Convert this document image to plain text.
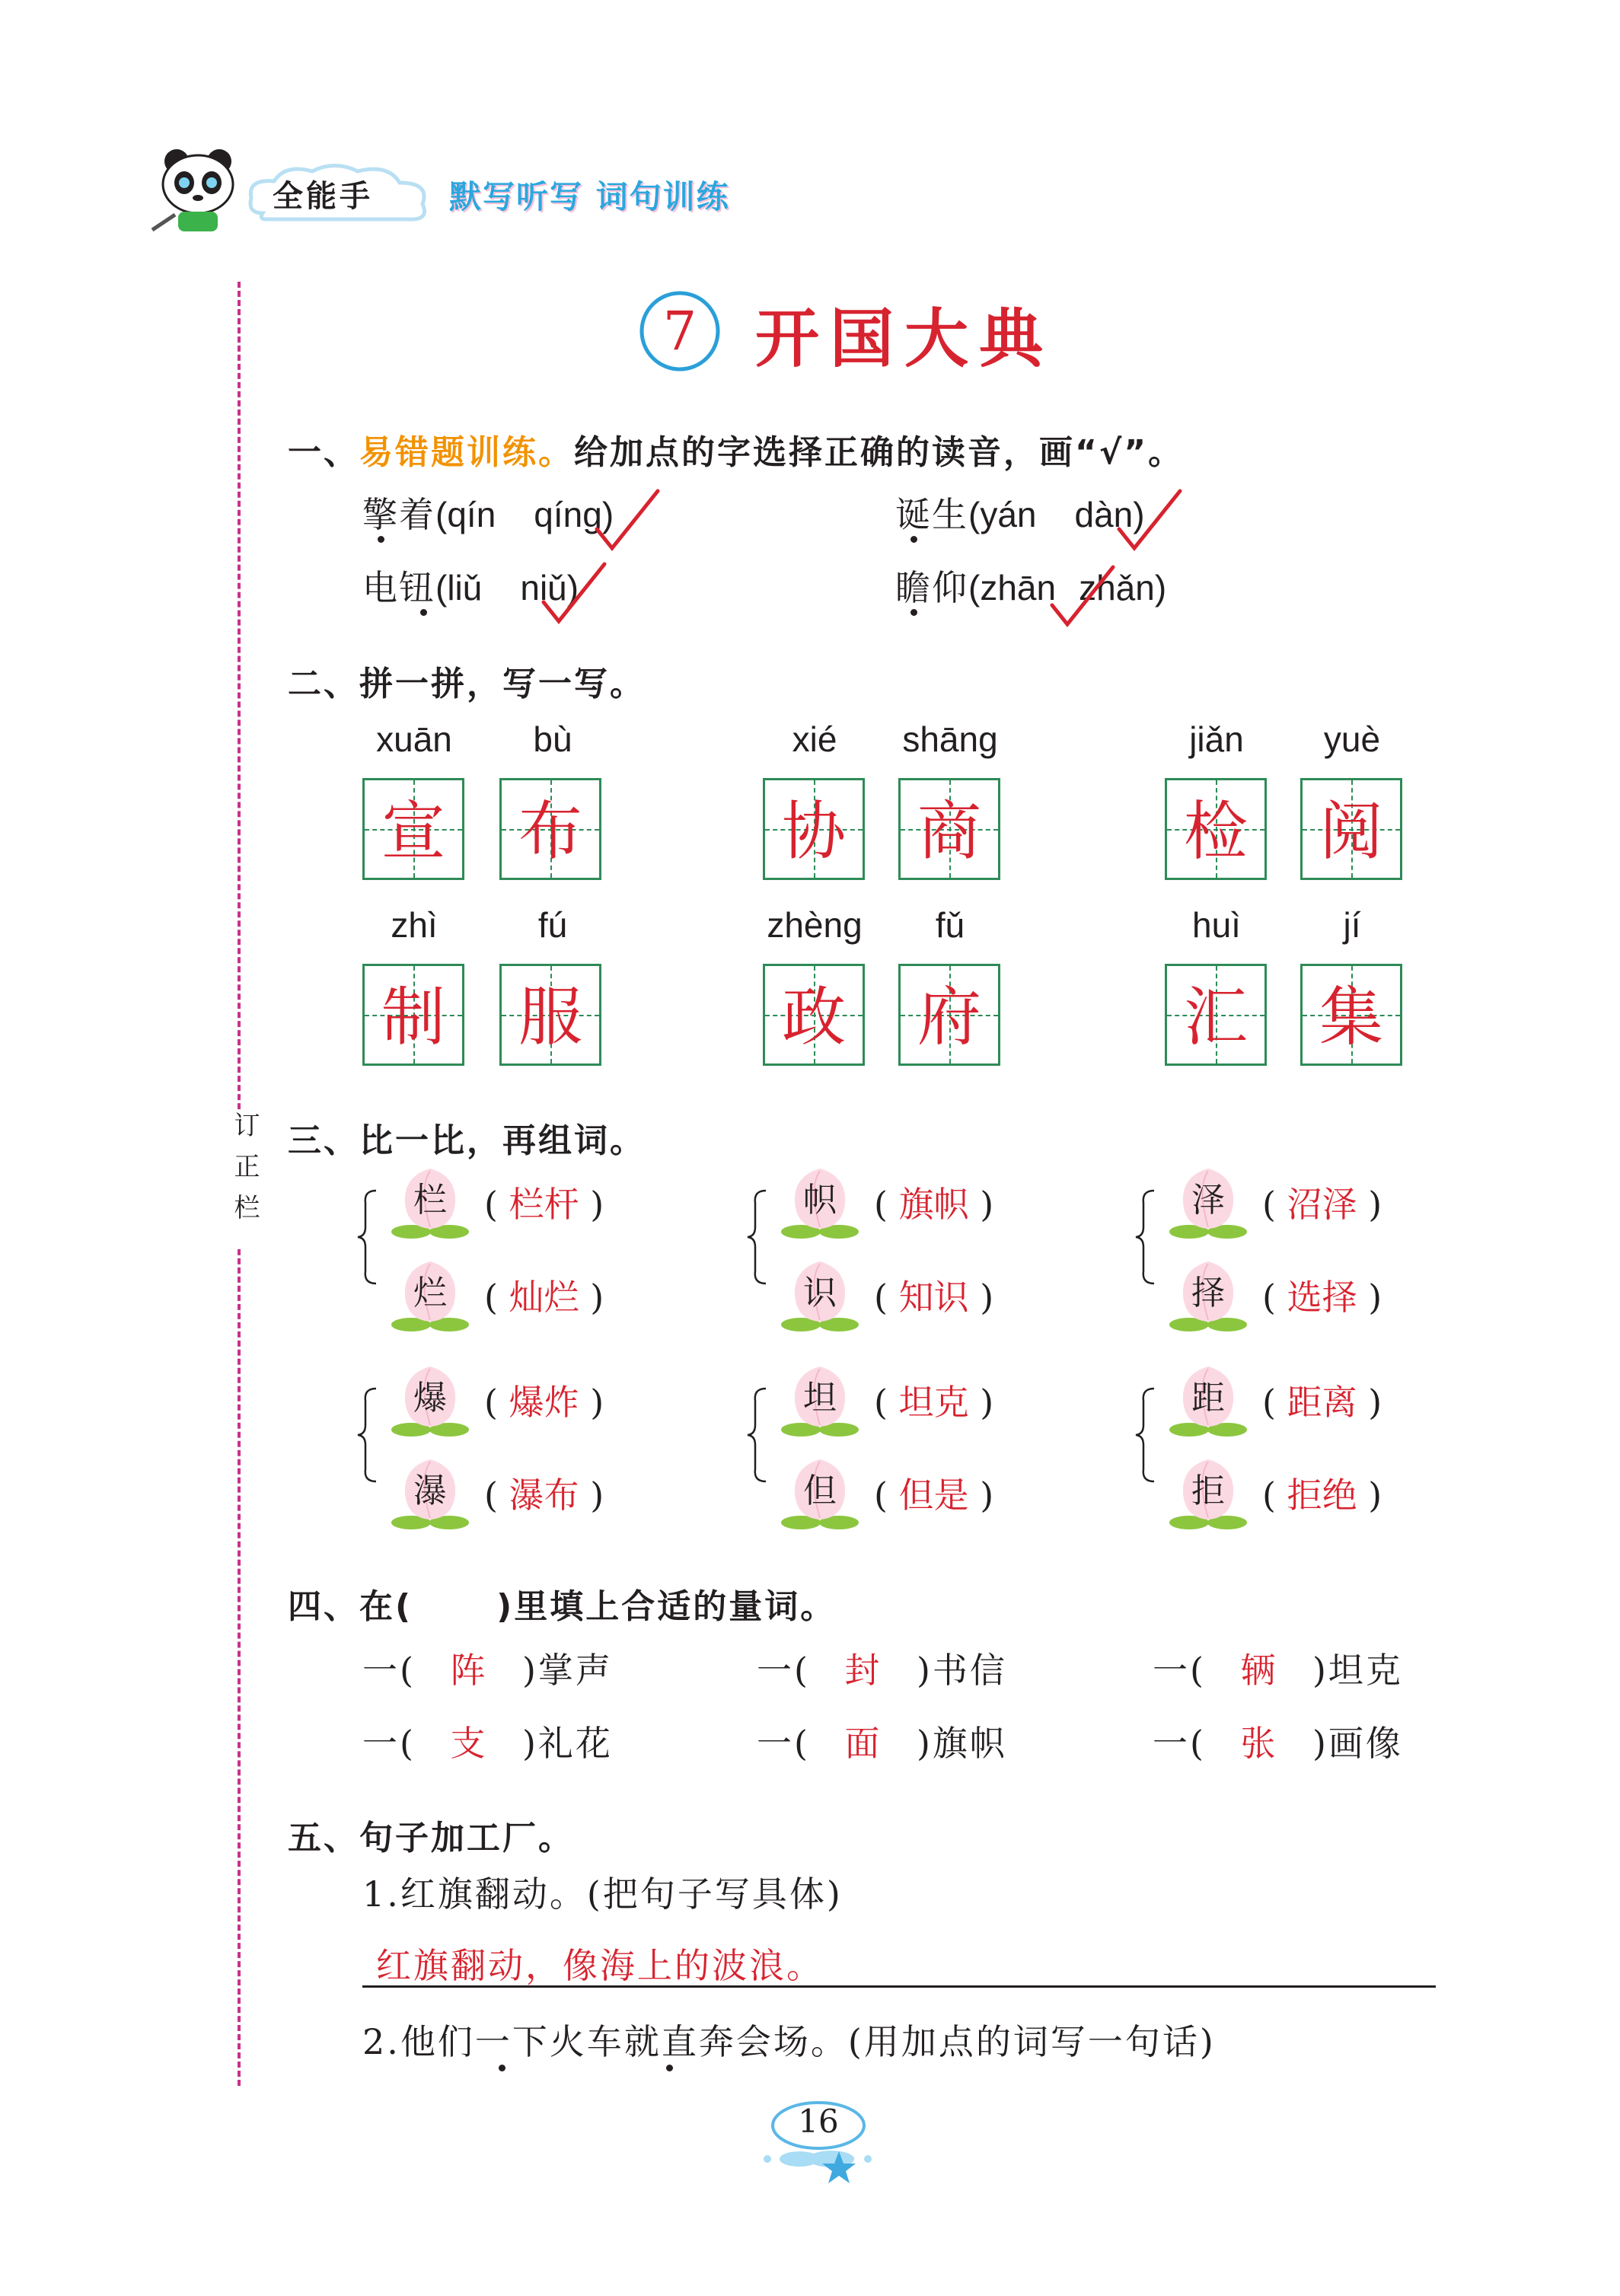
全能手 默写听写 词句训练
订正栏
7 开国大典
一、易错题训练。给加点的字选择正确的读音，画“√”。
擎着(qín qíng)	诞生(yán dàn)
电钮(liǔ niǔ)	瞻仰(zhān zhǎn)
二、拼一拼，写一写。
xuān	bù	xié	shāng	jiǎn	yuè
宣 布	协 商	检 阅
zhì	fú	zhèng	fǔ	huì	jí
制 服	政 府	汇 集
三、比一比，再组词。
栏	( 栏杆 )
烂	( 灿烂 )
帜	( 旗帜 )
识	( 知识 )
泽	( 沼泽 )
择	( 选择 )
爆	( 爆炸 )
瀑	( 瀑布 )
坦	( 坦克 )
但	( 但是 )
距	( 距离 )
拒	( 拒绝 )
四、在(	)里填上合适的量词。
一( 阵 )掌声	一( 封 )书信	一( 辆 )坦克
一( 支 )礼花	一( 面 )旗帜	一( 张 )画像
五、句子加工厂。
1.红旗翻动。(把句子写具体)
红旗翻动，像海上的波浪。
2.他们一下火车就直奔会场。(用加点的词写一句话)
16
